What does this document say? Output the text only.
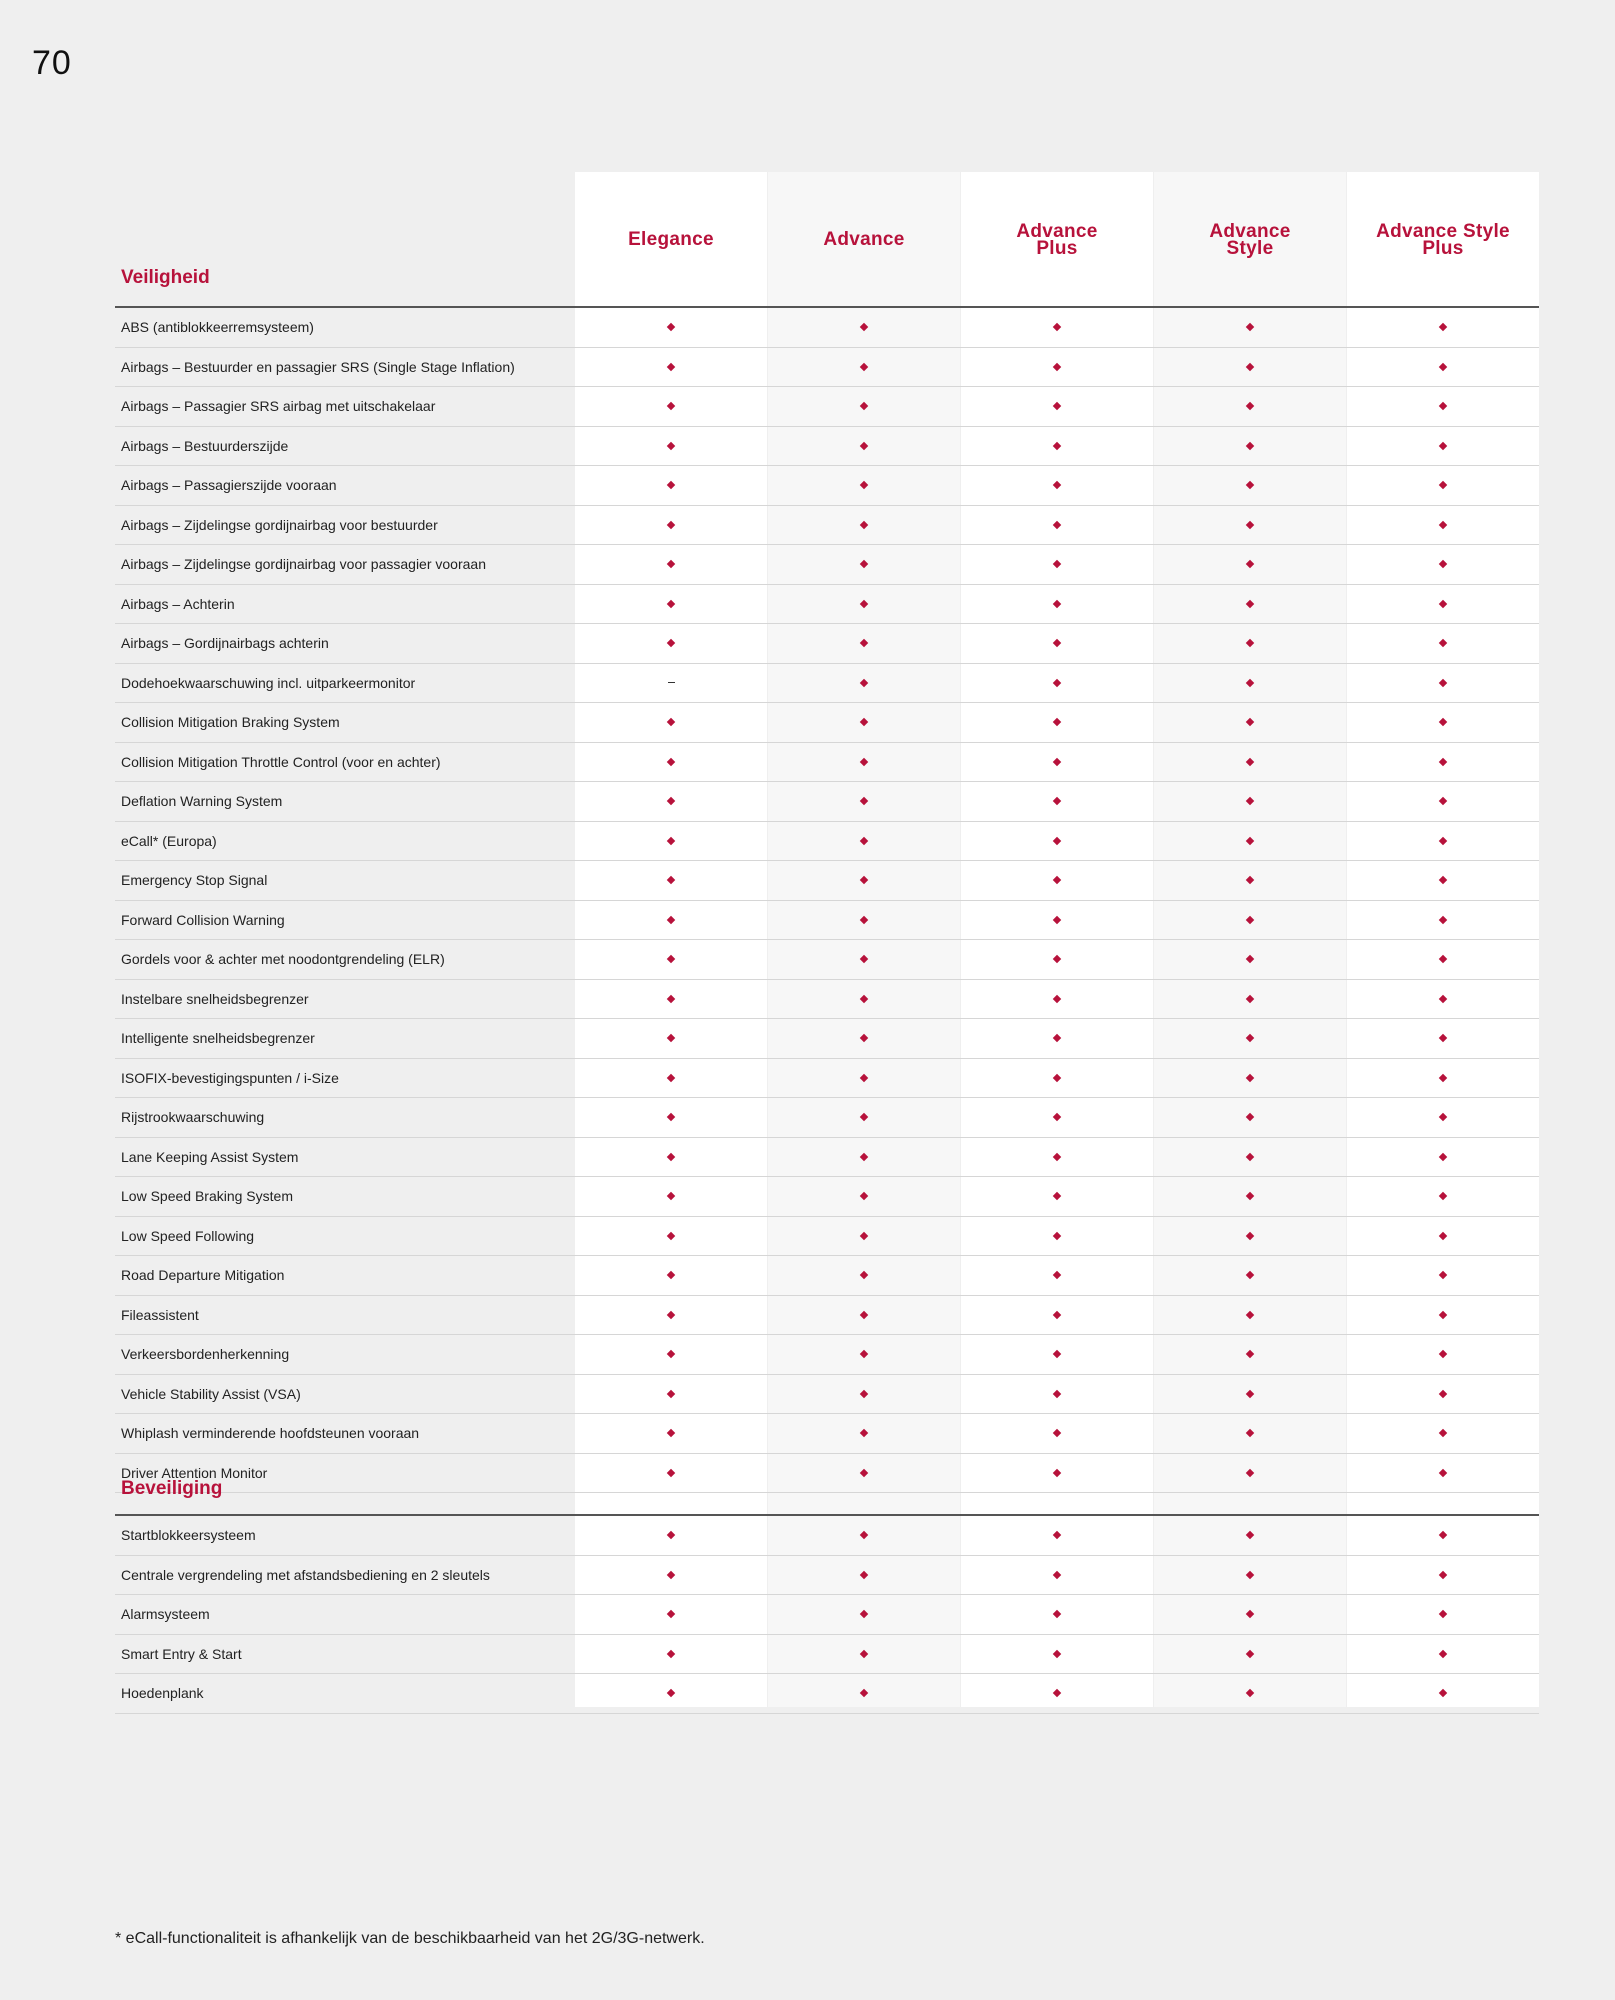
70
Elegance	Advance	Advance Plus
Advance Style
Advance Style Plus
Veiligheid
ABS (antiblokkeerremsysteem)
Airbags – Bestuurder en passagier SRS (Single Stage Inflation)
Airbags – Passagier SRS airbag met uitschakelaar
Airbags – Bestuurderszijde
Airbags – Passagierszijde vooraan
Airbags – Zijdelingse gordijnairbag voor bestuurder
Airbags – Zijdelingse gordijnairbag voor passagier vooraan
Airbags – Achterin
Airbags – Gordijnairbags achterin
Dodehoekwaarschuwing incl. uitparkeermonitor
Collision Mitigation Braking System
Collision Mitigation Throttle Control (voor en achter)
Deflation Warning System
eCall* (Europa)
Emergency Stop Signal
Forward Collision Warning
Gordels voor & achter met noodontgrendeling (ELR)
Instelbare snelheidsbegrenzer
Intelligente snelheidsbegrenzer
ISOFIX-bevestigingspunten / i-Size
Rijstrookwaarschuwing
Lane Keeping Assist System
Low Speed Braking System
Low Speed Following
Road Departure Mitigation
Fileassistent
Verkeersbordenherkenning
Vehicle Stability Assist (VSA)
Whiplash verminderende hoofdsteunen vooraan
Driver Attention Monitor
Beveiliging
Startblokkeersysteem
Centrale vergrendeling met afstandsbediening en 2 sleutels
Alarmsysteem
Smart Entry & Start
Hoedenplank
* eCall-functionaliteit is afhankelijk van de beschikbaarheid van het 2G/3G-netwerk.
